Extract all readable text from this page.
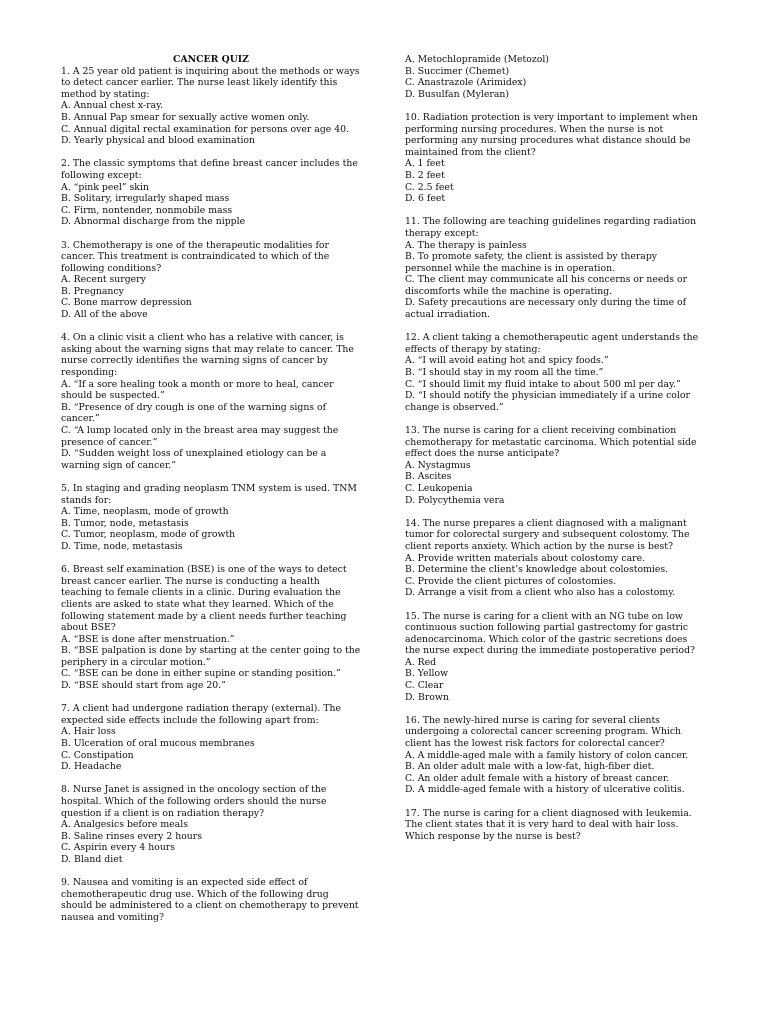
CANCER QUIZ

1. A 25 year old patient is inquiring about the methods or ways to detect cancer earlier. The nurse least likely identify this method by stating:

A. Annual chest x-ray.
B. Annual Pap smear for sexually active women only.
C. Annual digital rectal examination for persons over age 40.
D. Yearly physical and blood examination

2. The classic symptoms that define breast cancer includes the following except:

A. “pink peel” skin
B. Solitary, irregularly shaped mass
C. Firm, nontender, nonmobile mass
D. Abnormal discharge from the nipple

3. Chemotherapy is one of the therapeutic modalities for cancer. This treatment is contraindicated to which of the following conditions?

A. Recent surgery
B. Pregnancy
C. Bone marrow depression
D. All of the above

4. On a clinic visit a client who has a relative with cancer, is asking about the warning signs that may relate to cancer. The nurse correctly identifies the warning signs of cancer by responding:

A. “If a sore healing took a month or more to heal, cancer should be suspected.”
B. “Presence of dry cough is one of the warning signs of cancer.”
C. “A lump located only in the breast area may suggest the presence of cancer.”
D. “Sudden weight loss of unexplained etiology can be a warning sign of cancer.”

5. In staging and grading neoplasm TNM system is used. TNM stands for:

A. Time, neoplasm, mode of growth
B. Tumor, node, metastasis
C. Tumor, neoplasm, mode of growth
D. Time, node, metastasis

6. Breast self examination (BSE) is one of the ways to detect breast cancer earlier. The nurse is conducting a health teaching to female clients in a clinic. During evaluation the clients are asked to state what they learned. Which of the following statement made by a client needs further teaching about BSE?

A. “BSE is done after menstruation.”
B. “BSE palpation is done by starting at the center going to the periphery in a circular motion.”
C. “BSE can be done in either supine or standing position.”
D. “BSE should start from age 20.”

7. A client had undergone radiation therapy (external). The expected side effects include the following apart from:

A. Hair loss
B. Ulceration of oral mucous membranes
C. Constipation
D. Headache

8. Nurse Janet is assigned in the oncology section of the hospital. Which of the following orders should the nurse question if a client is on radiation therapy?

A. Analgesics before meals
B. Saline rinses every 2 hours
C. Aspirin every 4 hours
D. Bland diet

9. Nausea and vomiting is an expected side effect of chemotherapeutic drug use. Which of the following drug should be administered to a client on chemotherapy to prevent nausea and vomiting?

A. Metochlopramide (Metozol)
B. Succimer (Chemet)
C. Anastrazole (Arimidex)
D. Busulfan (Myleran)

10. Radiation protection is very important to implement when performing nursing procedures. When the nurse is not performing any nursing procedures what distance should be maintained from the client?

A. 1 feet
B. 2 feet
C. 2.5 feet
D. 6 feet

11. The following are teaching guidelines regarding radiation therapy except:

A. The therapy is painless
B. To promote safety, the client is assisted by therapy personnel while the machine is in operation.
C. The client may communicate all his concerns or needs or discomforts while the machine is operating.
D. Safety precautions are necessary only during the time of actual irradiation.

12. A client taking a chemotherapeutic agent understands the effects of therapy by stating:

A. “I will avoid eating hot and spicy foods.”
B. “I should stay in my room all the time.”
C. “I should limit my fluid intake to about 500 ml per day.”
D. “I should notify the physician immediately if a urine color change is observed.”

13. The nurse is caring for a client receiving combination chemotherapy for metastatic carcinoma. Which potential side effect does the nurse anticipate?

A. Nystagmus
B. Ascites
C. Leukopenia
D. Polycythemia vera

14. The nurse prepares a client diagnosed with a malignant tumor for colorectal surgery and subsequent colostomy. The client reports anxiety. Which action by the nurse is best?

A. Provide written materials about colostomy care.
B. Determine the client’s knowledge about colostomies.
C. Provide the client pictures of colostomies.
D. Arrange a visit from a client who also has a colostomy.

15. The nurse is caring for a client with an NG tube on low continuous suction following partial gastrectomy for gastric adenocarcinoma. Which color of the gastric secretions does the nurse expect during the immediate postoperative period?

A. Red
B. Yellow
C. Clear
D. Brown

16. The newly-hired nurse is caring for several clients undergoing a colorectal cancer screening program. Which client has the lowest risk factors for colorectal cancer?

A. A middle-aged male with a family history of colon cancer.
B. An older adult male with a low-fat, high-fiber diet.
C. An older adult female with a history of breast cancer.
D. A middle-aged female with a history of ulcerative colitis.

17. The nurse is caring for a client diagnosed with leukemia. The client states that it is very hard to deal with hair loss. Which response by the nurse is best?
